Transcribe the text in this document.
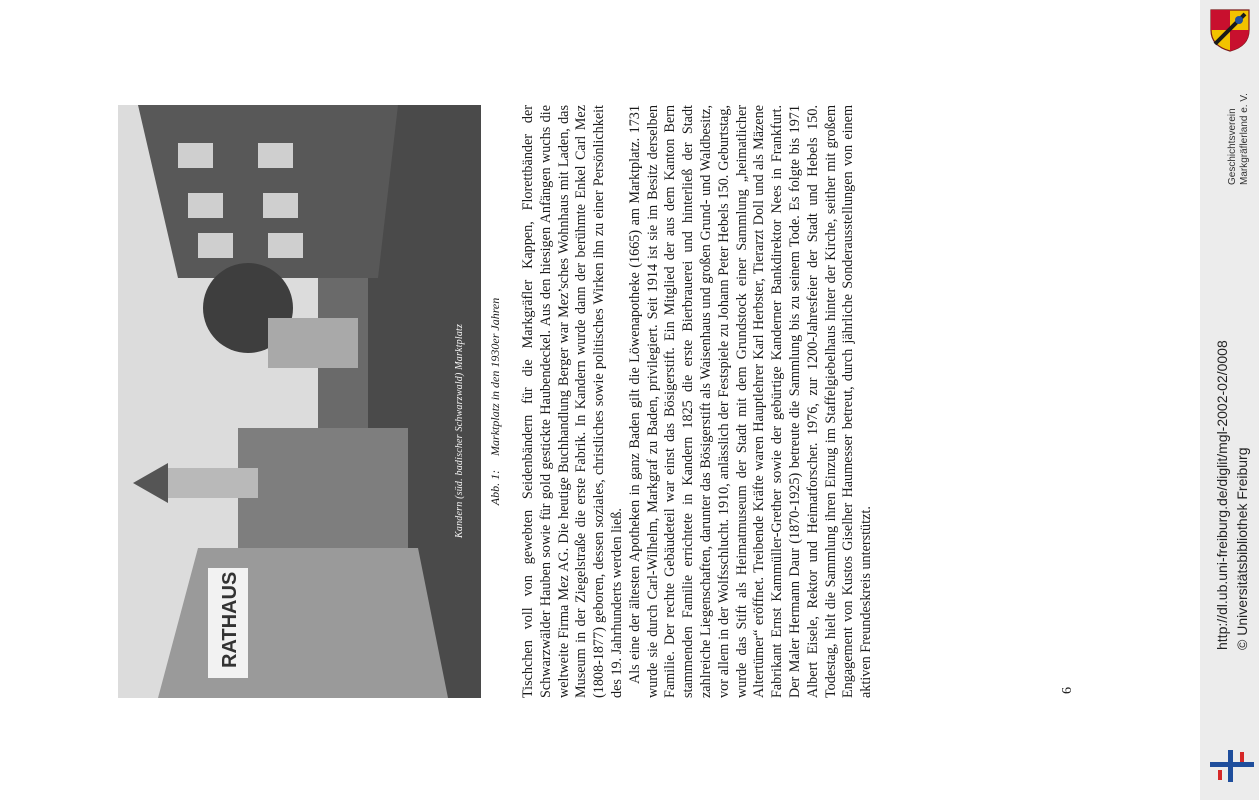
RATHAUS
Kandern (süd. badischer Schwarzwald) Marktplatz Abb. 1:Marktplatz in den 1930er Jahren Tischchen voll von gewebten Seidenbändern für die Markgräfler Kappen, Florettbänder der Schwarzwälder Hauben sowie für gold gestickte Haubendeckel. Aus den hiesigen Anfängen wuchs die weltweite Firma Mez AG. Die heutige Buchhandlung Berger war Mez’sches Wohnhaus mit Laden, das Museum in der Ziegelstraße die erste Fabrik. In Kandern wurde dann der berühmte Enkel Carl Mez (1808-1877) geboren, dessen soziales, christliches sowie politisches Wirken ihn zu einer Persönlichkeit des 19. Jahrhunderts werden ließ. Als eine der ältesten Apotheken in ganz Baden gilt die Löwenapotheke (1665) am Marktplatz. 1731 wurde sie durch Carl-Wilhelm, Markgraf zu Baden, privilegiert. Seit 1914 ist sie im Besitz derselben Familie. Der rechte Gebäudeteil war einst das Bösigerstift. Ein Mitglied der aus dem Kanton Bern stammenden Familie errichtete in Kandern 1825 die erste Bierbrauerei und hinterließ der Stadt zahlreiche Liegenschaften, darunter das Bösigerstift als Waisenhaus und großen Grund- und Waldbesitz, vor allem in der Wolfsschlucht. 1910, anlässlich der Festspiele zu Johann Peter Hebels 150. Geburtstag, wurde das Stift als Heimatmuseum der Stadt mit dem Grundstock einer Sammlung „heimatlicher Altertümer“ eröffnet. Treibende Kräfte waren Hauptlehrer Karl Herbster, Tierarzt Doll und als Mäzene Fabrikant Ernst Kammüller-Grether sowie der gebürtige Kanderner Bankdirektor Nees in Frankfurt. Der Maler Hermann Daur (1870-1925) betreute die Sammlung bis zu seinem Tode. Es folgte bis 1971 Albert Eisele, Rektor und Heimatforscher. 1976, zur 1200-Jahresfeier der Stadt und Hebels 150. Todestag, hielt die Sammlung ihren Einzug im Staffelgiebelhaus hinter der Kirche, seither mit großem Engagement von Kustos Giselher Haumesser betreut, durch jährliche Sonderausstellungen von einem aktiven Freundeskreis unterstützt.	6
http://dl.ub.uni-freiburg.de/diglit/mgl-2002-02/0008 © Universitätsbibliothek Freiburg
Geschichtsverein Markgräflerland e. V.
